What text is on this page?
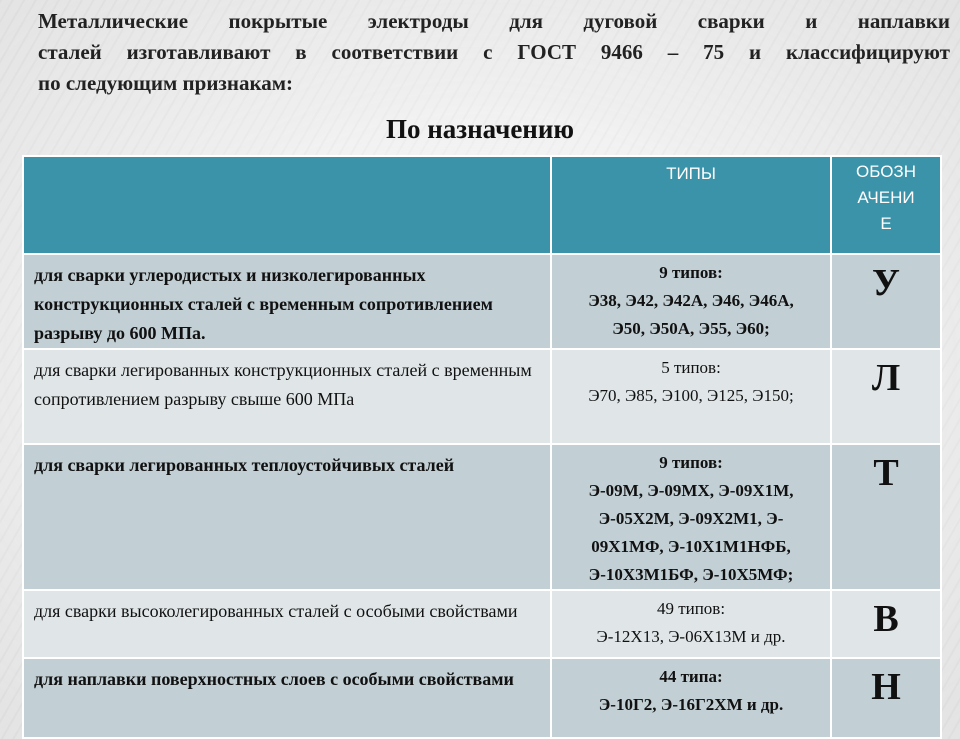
Металлические покрытые электроды для дуговой сварки и наплавки
сталей изготавливают в соответствии с ГОСТ 9466 – 75 и классифицируют
по следующим признакам:
По назначению
	ТИПЫ	ОБОЗН
АЧЕНИ
Е

для сварки углеродистых и низколегированных конструкционных сталей с временным сопротивлением разрыву до 600 МПа.	9 типов:
Э38, Э42, Э42А, Э46, Э46А,
Э50, Э50А, Э55, Э60;	У
для сварки легированных конструкционных сталей с временным сопротивлением разрыву свыше 600 МПа	5 типов:
Э70, Э85, Э100, Э125, Э150;	Л
для сварки легированных теплоустойчивых сталей	9 типов:
Э-09М, Э-09МХ, Э-09Х1М,
Э-05Х2М, Э-09Х2М1, Э-
09Х1МФ, Э-10Х1М1НФБ,
Э-10Х3М1БФ, Э-10Х5МФ;	Т
для сварки высоколегированных сталей с особыми свойствами	49 типов:
Э-12Х13, Э-06Х13М и др.	В
для наплавки поверхностных слоев с особыми свойствами	44 типа:
Э-10Г2, Э-16Г2ХМ и др.	Н
